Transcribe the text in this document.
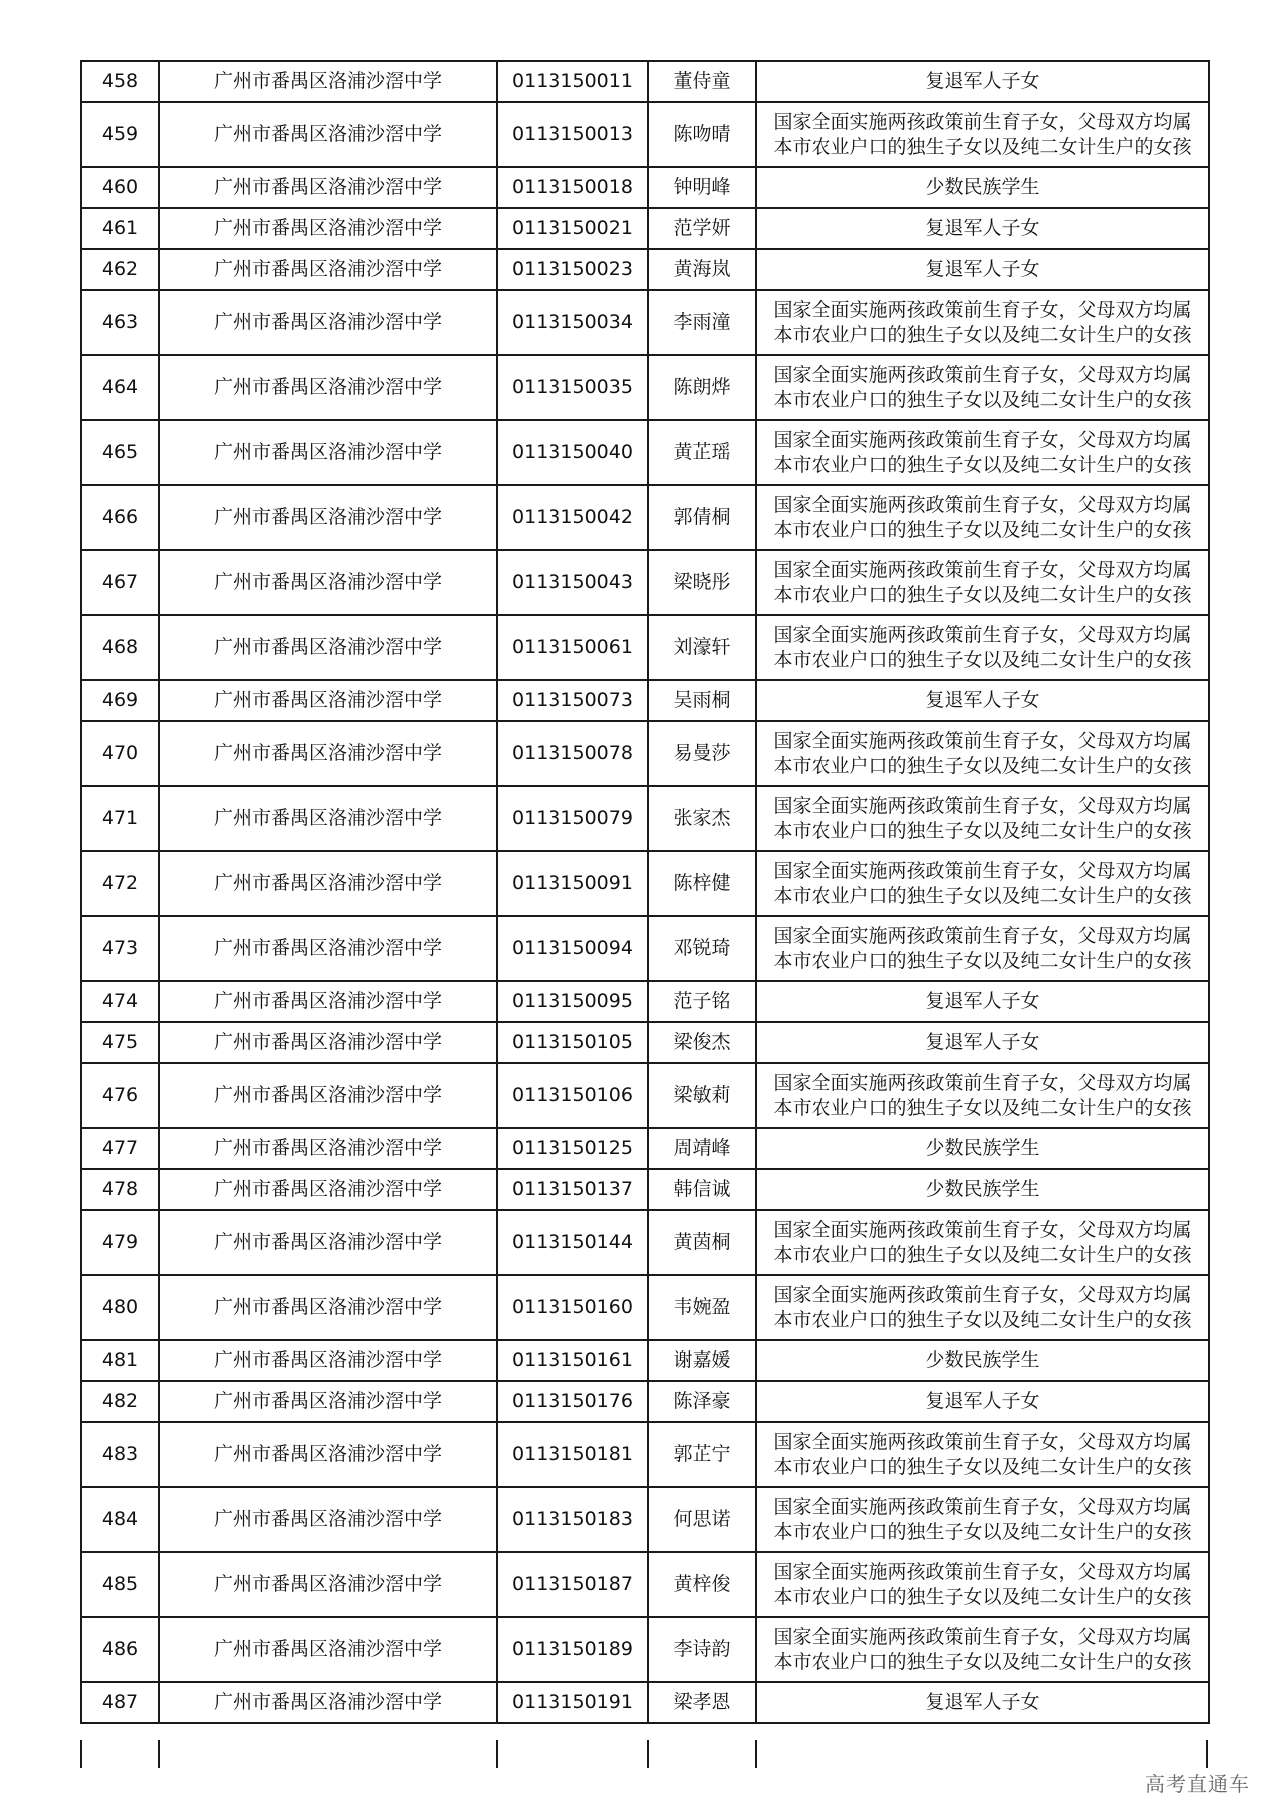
458	广州市番禺区洛浦沙滘中学	0113150011	董侍童	复退军人子女

459	广州市番禺区洛浦沙滘中学	0113150013	陈吻晴	国家全面实施两孩政策前生育子女，父母双方均属
本市农业户口的独生子女以及纯二女计生户的女孩

460	广州市番禺区洛浦沙滘中学	0113150018	钟明峰	少数民族学生

461	广州市番禺区洛浦沙滘中学	0113150021	范学妍	复退军人子女

462	广州市番禺区洛浦沙滘中学	0113150023	黄海岚	复退军人子女

463	广州市番禺区洛浦沙滘中学	0113150034	李雨潼	国家全面实施两孩政策前生育子女，父母双方均属
本市农业户口的独生子女以及纯二女计生户的女孩

464	广州市番禺区洛浦沙滘中学	0113150035	陈朗烨	国家全面实施两孩政策前生育子女，父母双方均属
本市农业户口的独生子女以及纯二女计生户的女孩

465	广州市番禺区洛浦沙滘中学	0113150040	黄芷瑶	国家全面实施两孩政策前生育子女，父母双方均属
本市农业户口的独生子女以及纯二女计生户的女孩

466	广州市番禺区洛浦沙滘中学	0113150042	郭倩桐	国家全面实施两孩政策前生育子女，父母双方均属
本市农业户口的独生子女以及纯二女计生户的女孩

467	广州市番禺区洛浦沙滘中学	0113150043	梁晓彤	国家全面实施两孩政策前生育子女，父母双方均属
本市农业户口的独生子女以及纯二女计生户的女孩

468	广州市番禺区洛浦沙滘中学	0113150061	刘濠轩	国家全面实施两孩政策前生育子女，父母双方均属
本市农业户口的独生子女以及纯二女计生户的女孩

469	广州市番禺区洛浦沙滘中学	0113150073	吴雨桐	复退军人子女

470	广州市番禺区洛浦沙滘中学	0113150078	易曼莎	国家全面实施两孩政策前生育子女，父母双方均属
本市农业户口的独生子女以及纯二女计生户的女孩

471	广州市番禺区洛浦沙滘中学	0113150079	张家杰	国家全面实施两孩政策前生育子女，父母双方均属
本市农业户口的独生子女以及纯二女计生户的女孩

472	广州市番禺区洛浦沙滘中学	0113150091	陈梓健	国家全面实施两孩政策前生育子女，父母双方均属
本市农业户口的独生子女以及纯二女计生户的女孩

473	广州市番禺区洛浦沙滘中学	0113150094	邓锐琦	国家全面实施两孩政策前生育子女，父母双方均属
本市农业户口的独生子女以及纯二女计生户的女孩

474	广州市番禺区洛浦沙滘中学	0113150095	范子铭	复退军人子女

475	广州市番禺区洛浦沙滘中学	0113150105	梁俊杰	复退军人子女

476	广州市番禺区洛浦沙滘中学	0113150106	梁敏莉	国家全面实施两孩政策前生育子女，父母双方均属
本市农业户口的独生子女以及纯二女计生户的女孩

477	广州市番禺区洛浦沙滘中学	0113150125	周靖峰	少数民族学生

478	广州市番禺区洛浦沙滘中学	0113150137	韩信诚	少数民族学生

479	广州市番禺区洛浦沙滘中学	0113150144	黄茵桐	国家全面实施两孩政策前生育子女，父母双方均属
本市农业户口的独生子女以及纯二女计生户的女孩

480	广州市番禺区洛浦沙滘中学	0113150160	韦婉盈	国家全面实施两孩政策前生育子女，父母双方均属
本市农业户口的独生子女以及纯二女计生户的女孩

481	广州市番禺区洛浦沙滘中学	0113150161	谢嘉媛	少数民族学生

482	广州市番禺区洛浦沙滘中学	0113150176	陈泽豪	复退军人子女

483	广州市番禺区洛浦沙滘中学	0113150181	郭芷宁	国家全面实施两孩政策前生育子女，父母双方均属
本市农业户口的独生子女以及纯二女计生户的女孩

484	广州市番禺区洛浦沙滘中学	0113150183	何思诺	国家全面实施两孩政策前生育子女，父母双方均属
本市农业户口的独生子女以及纯二女计生户的女孩

485	广州市番禺区洛浦沙滘中学	0113150187	黄梓俊	国家全面实施两孩政策前生育子女，父母双方均属
本市农业户口的独生子女以及纯二女计生户的女孩

486	广州市番禺区洛浦沙滘中学	0113150189	李诗韵	国家全面实施两孩政策前生育子女，父母双方均属
本市农业户口的独生子女以及纯二女计生户的女孩

487	广州市番禺区洛浦沙滘中学	0113150191	梁孝恩	复退军人子女
高考直通车
